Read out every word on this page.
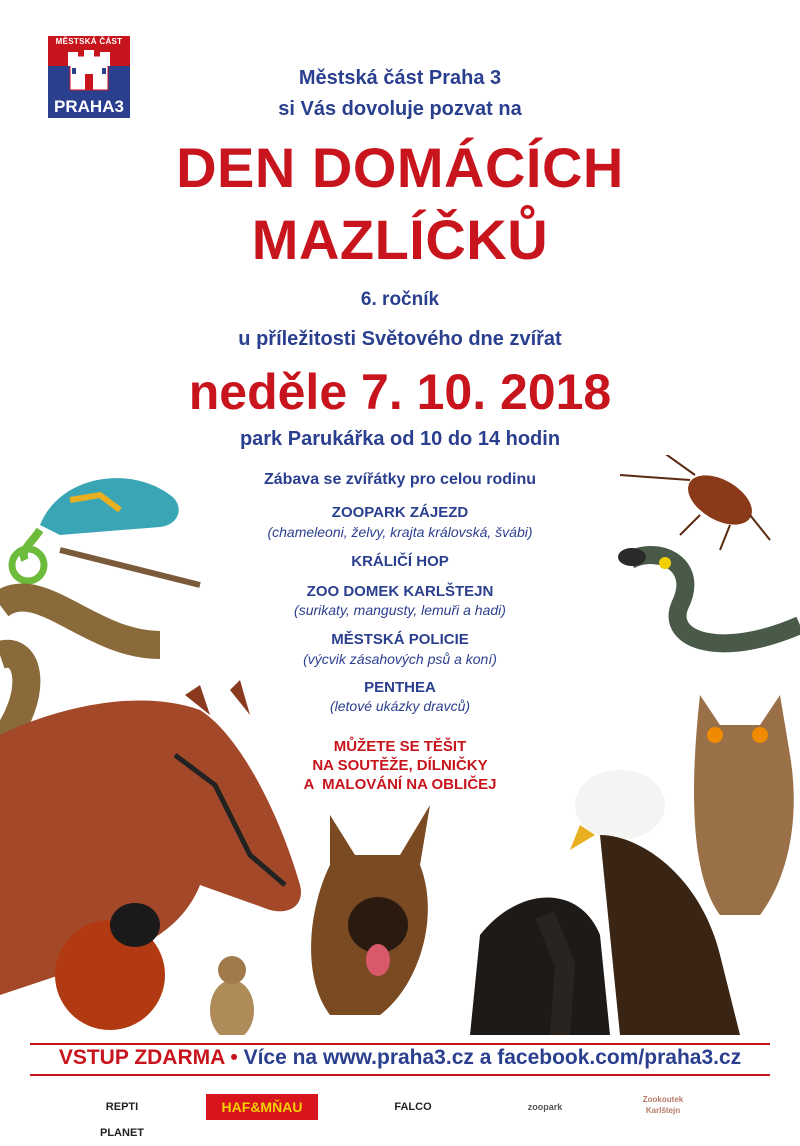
MĚSTSKÁ ČÁST
PRAHA3
Městská část Praha 3
si Vás dovoluje pozvat na
DEN DOMÁCÍCH
MAZLÍČKŮ
6. ročník
u příležitosti Světového dne zvířat
neděle 7. 10. 2018
park Parukářka od 10 do 14 hodin
Zábava se zvířátky pro celou rodinu
ZOOPARK ZÁJEZD
(chameleoni, želvy, krajta královská, švábi)
KRÁLIČÍ HOP
ZOO DOMEK KARLŠTEJN
(surikaty, mangusty, lemuři a hadi)
MĚSTSKÁ POLICIE
(výcvik zásahových psů a koní)
PENTHEA
(letové ukázky dravců)
MŮŽETE SE TĚŠIT
NA SOUTĚŽE, DÍLNIČKY
A  MALOVÁNÍ NA OBLIČEJ
VSTUP ZDARMA • Více na www.praha3.cz a facebook.com/praha3.cz
REPTI PLANET
HAF&MŇAU	FALCO	zoopark
Zookoutek Karlštejn
